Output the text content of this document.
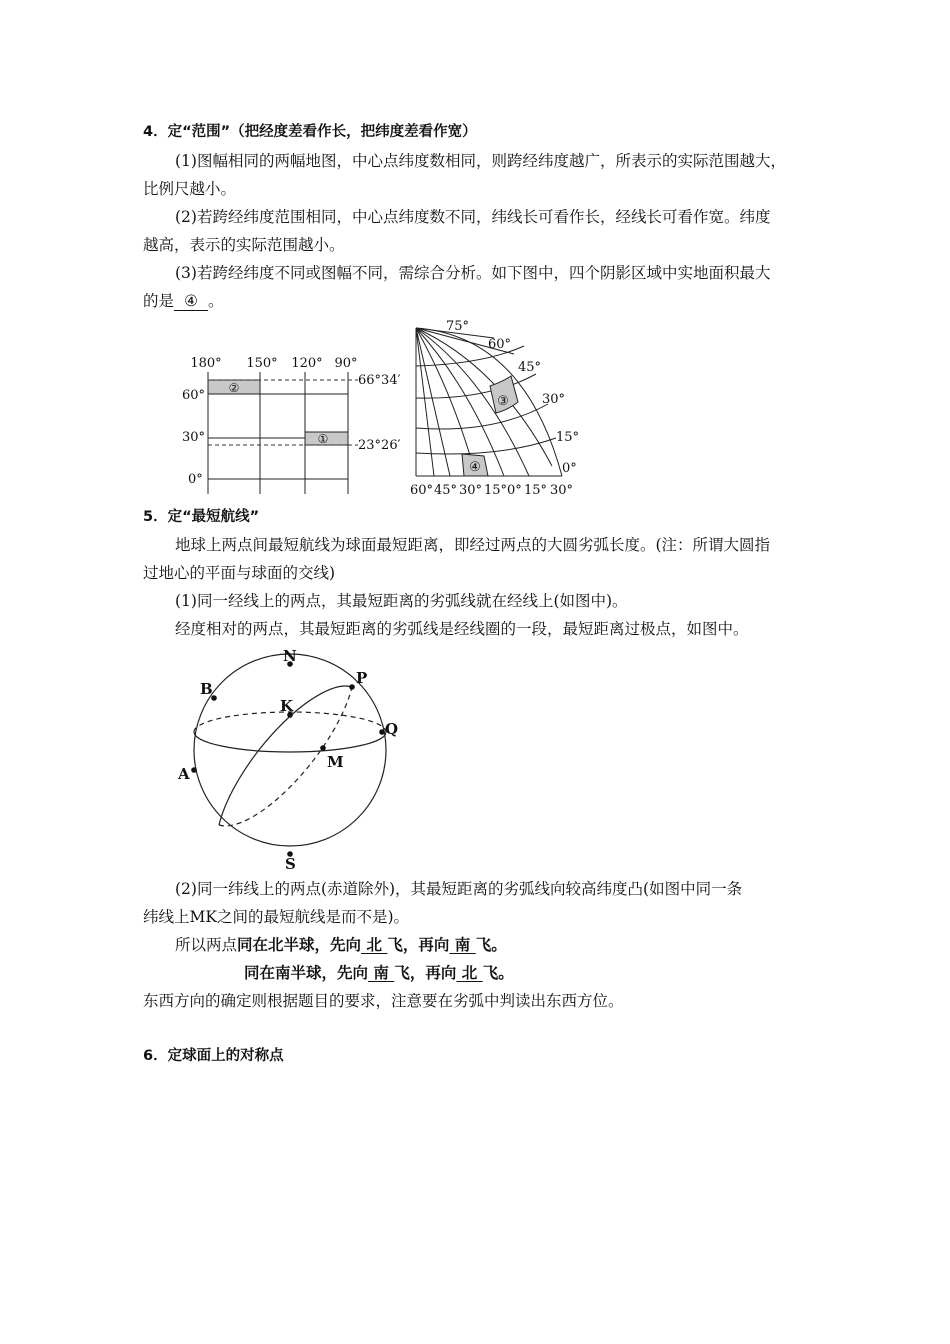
4．定“范围”（把经度差看作长，把纬度差看作宽）
(1)图幅相同的两幅地图，中心点纬度数相同，则跨经纬度越广，所表示的实际范围越大，
比例尺越小。
(2)若跨经纬度范围相同，中心点纬度数不同，纬线长可看作长，经线长可看作宽。纬度
越高，表示的实际范围越小。
(3)若跨经纬度不同或图幅不同，需综合分析。如下图中，四个阴影区域中实地面积最大
的是 ④ 。
180° 150° 120° 90°
60°
30°
0°
66°34′
23°26′
②
①
75°
60°
45°
30°
15°
0°
60° 45° 30° 15° 0° 15° 30°
③
④
5．定“最短航线”
地球上两点间最短航线为球面最短距离，即经过两点的大圆劣弧长度。(注：所谓大圆指
过地心的平面与球面的交线)
(1)同一经线上的两点，其最短距离的劣弧线就在经线上(如图中)。
经度相对的两点，其最短距离的劣弧线是经线圈的一段，最短距离过极点，如图中。
N
S
B
A
K
M
P
Q
(2)同一纬线上的两点(赤道除外)，其最短距离的劣弧线向较高纬度凸(如图中同一条
纬线上MK之间的最短航线是而不是)。
所以两点同在北半球，先向 北 飞，再向 南 飞。
同在南半球，先向 南 飞，再向 北 飞。
东西方向的确定则根据题目的要求，注意要在劣弧中判读出东西方位。
6．定球面上的对称点
